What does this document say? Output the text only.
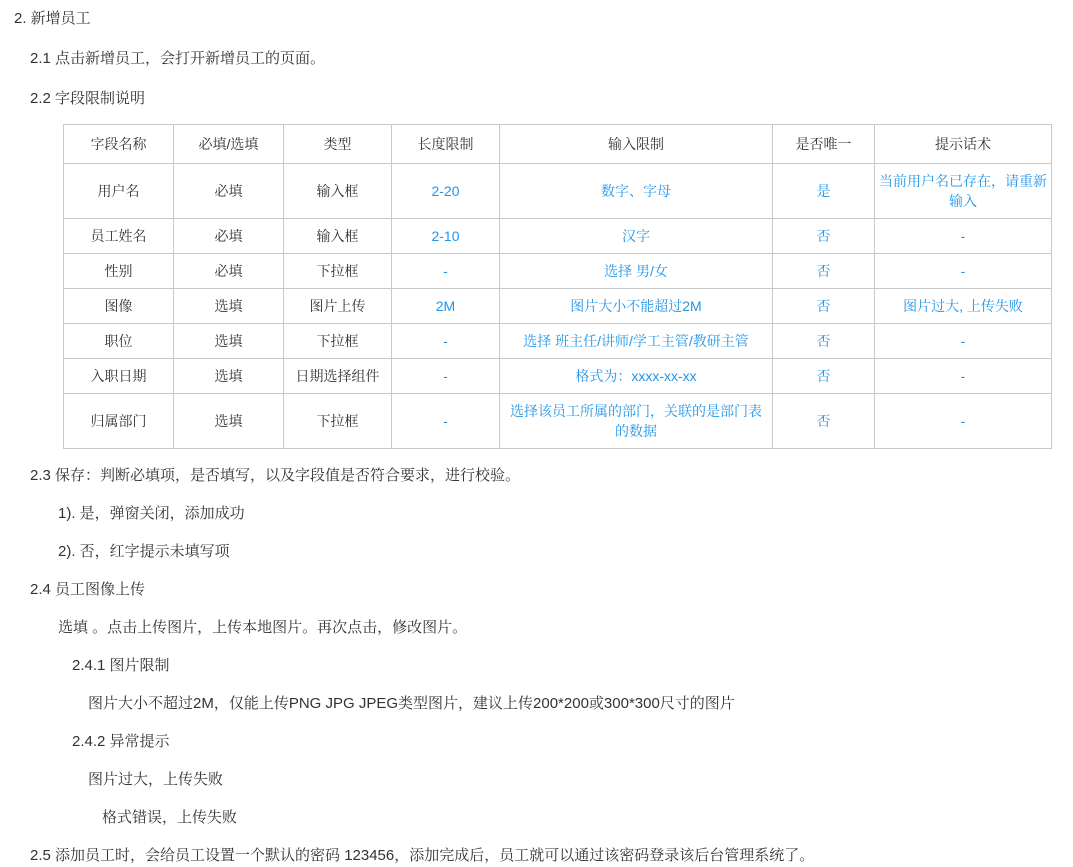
2. 新增员工
2.1 点击新增员工，会打开新增员工的页面。
2.2 字段限制说明
字段名称	必填/选填	类型	长度限制	输入限制	是否唯一	提示话术
用户名	必填	输入框	2-20	数字、字母	是	当前用户名已存在，请重新输入
员工姓名	必填	输入框	2-10	汉字	否	-
性别	必填	下拉框	-	选择 男/女	否	-
图像	选填	图片上传	2M	图片大小不能超过2M	否	图片过大, 上传失败
职位	选填	下拉框	-	选择 班主任/讲师/学工主管/教研主管	否	-
入职日期	选填	日期选择组件	-	格式为：xxxx-xx-xx	否	-
归属部门	选填	下拉框	-	选择该员工所属的部门，关联的是部门表的数据	否	-
2.3 保存：判断必填项，是否填写，以及字段值是否符合要求，进行校验。
1). 是，弹窗关闭，添加成功
2). 否，红字提示未填写项
2.4 员工图像上传
选填 。点击上传图片，上传本地图片。再次点击，修改图片。
2.4.1 图片限制
图片大小不超过2M，仅能上传PNG JPG JPEG类型图片，建议上传200*200或300*300尺寸的图片
2.4.2 异常提示
图片过大，上传失败
格式错误，上传失败
2.5 添加员工时，会给员工设置一个默认的密码 123456，添加完成后，员工就可以通过该密码登录该后台管理系统了。
